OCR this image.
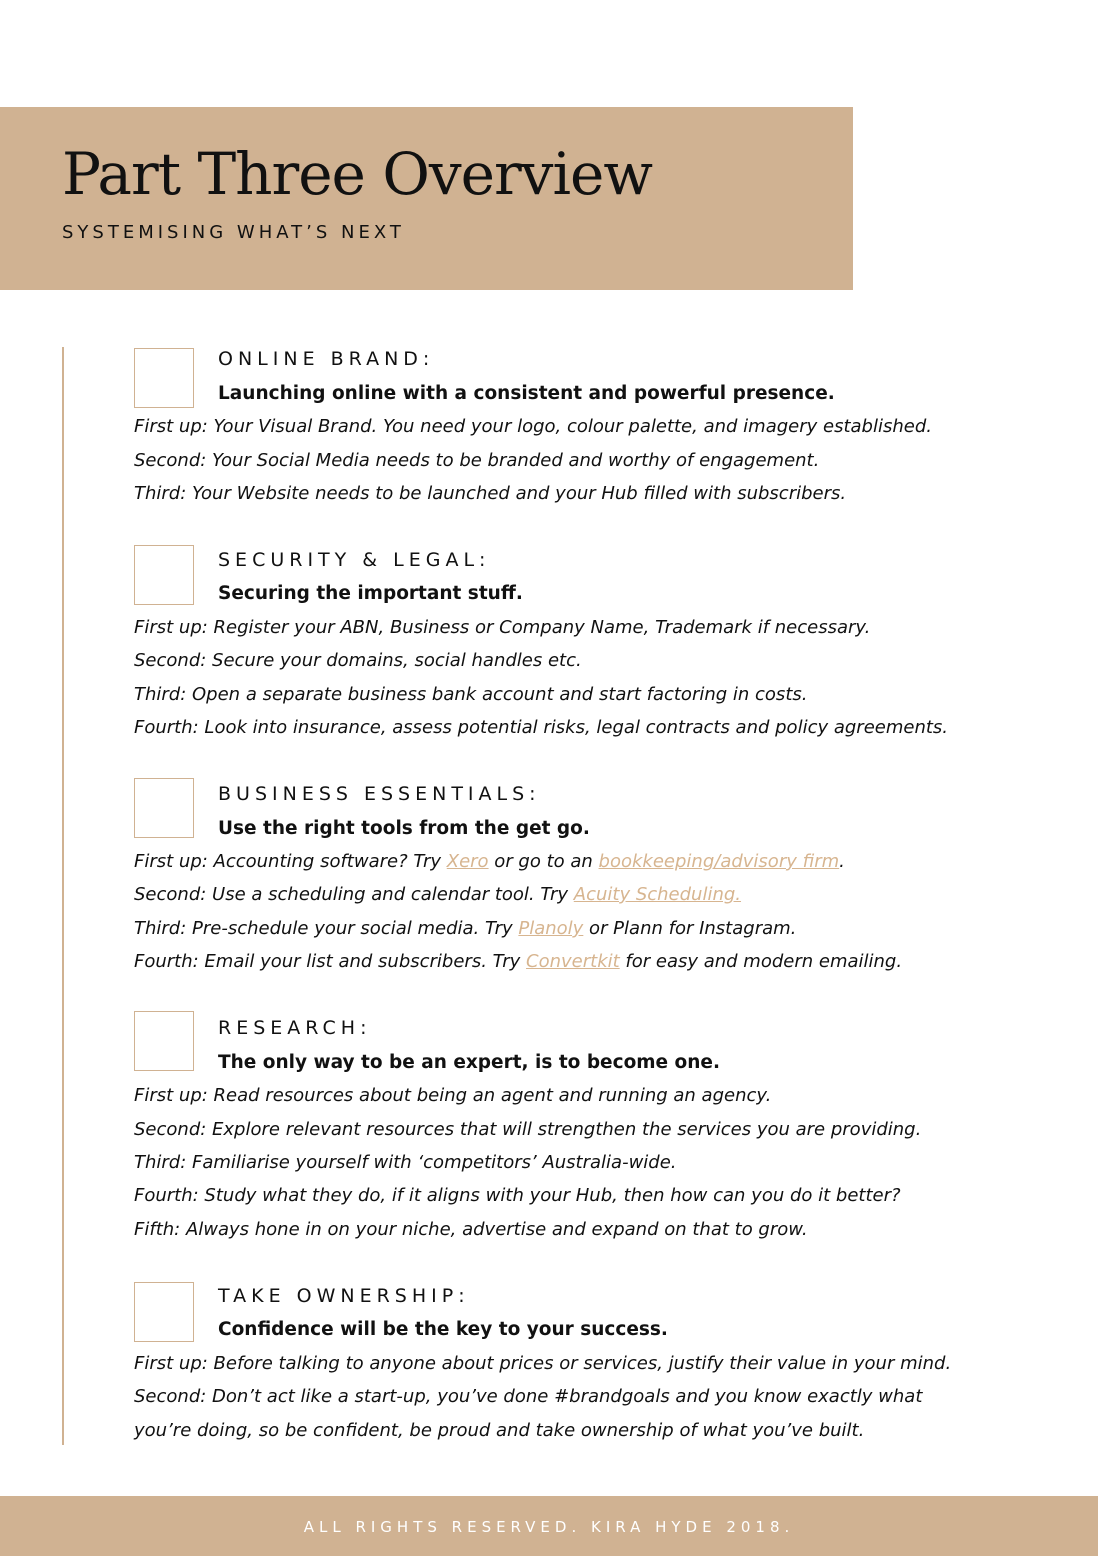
Part Three Overview
SYSTEMISING WHAT’S NEXT
ONLINE BRAND:
Launching online with a consistent and powerful presence.

First up: Your Visual Brand. You need your logo, colour palette, and imagery established.

Second: Your Social Media needs to be branded and worthy of engagement.

Third: Your Website needs to be launched and your Hub filled with subscribers.

SECURITY & LEGAL:
Securing the important stuff.

First up: Register your ABN, Business or Company Name, Trademark if necessary.

Second: Secure your domains, social handles etc.

Third: Open a separate business bank account and start factoring in costs.

Fourth: Look into insurance, assess potential risks, legal contracts and policy agreements.

BUSINESS ESSENTIALS:
Use the right tools from the get go.

First up: Accounting software? Try Xero or go to an bookkeeping/advisory firm.

Second: Use a scheduling and calendar tool. Try Acuity Scheduling.

Third: Pre-schedule your social media. Try Planoly or Plann for Instagram.

Fourth: Email your list and subscribers. Try Convertkit for easy and modern emailing.

RESEARCH:
The only way to be an expert, is to become one.

First up: Read resources about being an agent and running an agency.

Second: Explore relevant resources that will strengthen the services you are providing.

Third: Familiarise yourself with ‘competitors’ Australia-wide.

Fourth: Study what they do, if it aligns with your Hub, then how can you do it better?

Fifth: Always hone in on your niche, advertise and expand on that to grow.

TAKE OWNERSHIP:
Confidence will be the key to your success.

First up: Before talking to anyone about prices or services, justify their value in your mind.

Second: Don’t act like a start-up, you’ve done #brandgoals and you know exactly what

you’re doing, so be confident, be proud and take ownership of what you’ve built.

ALL RIGHTS RESERVED. KIRA HYDE 2018.
